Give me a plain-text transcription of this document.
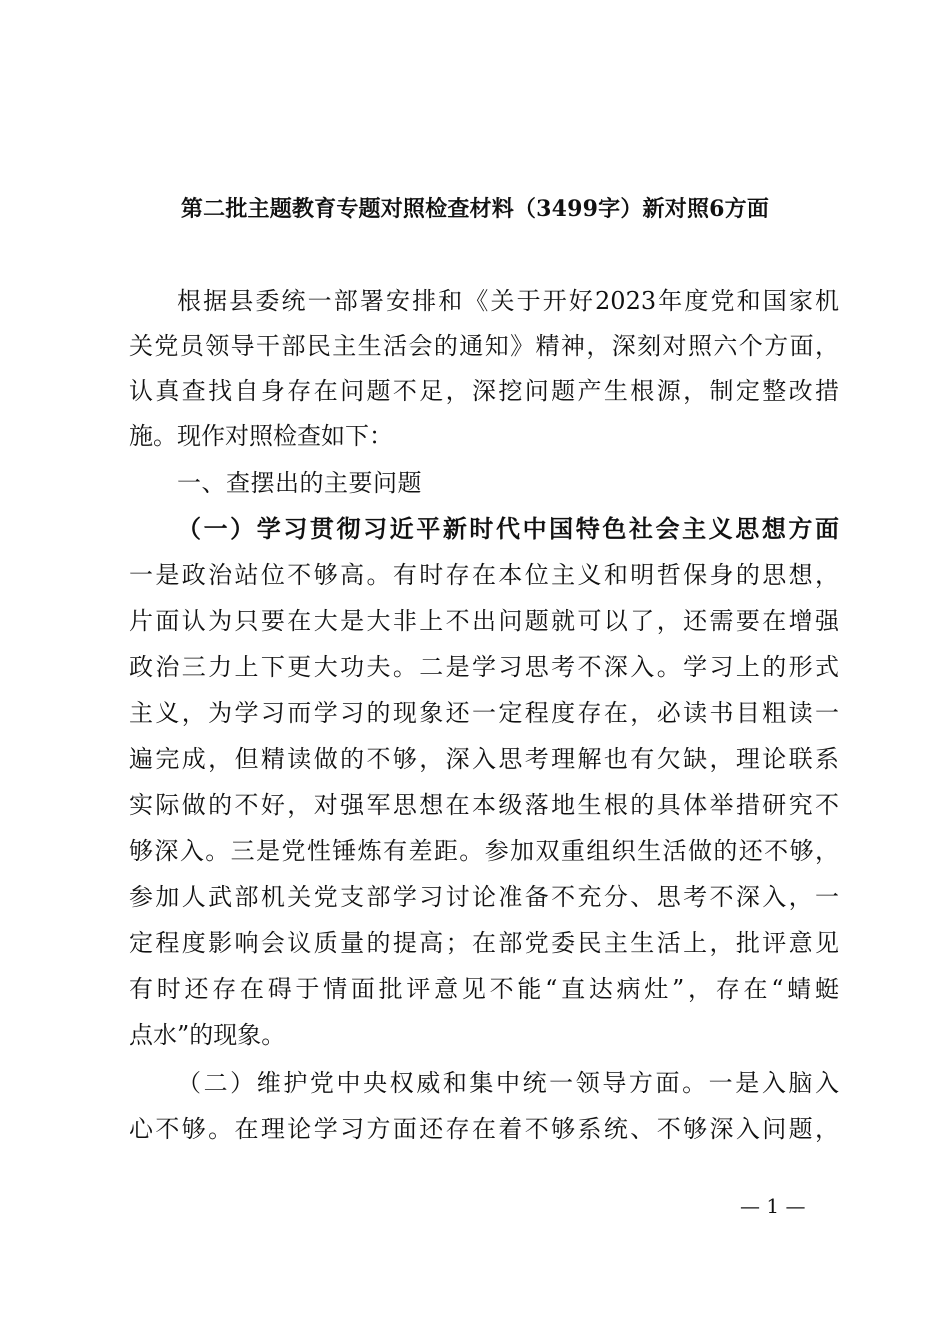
第二批主题教育专题对照检查材料（3499字）新对照6方面
根据县委统一部署安排和《关于开好2023年度党和国家机
关党员领导干部民主生活会的通知》精神，深刻对照六个方面，
认真查找自身存在问题不足，深挖问题产生根源，制定整改措
施。现作对照检查如下：
一、查摆出的主要问题
（一）学习贯彻习近平新时代中国特色社会主义思想方面
一是政治站位不够高。有时存在本位主义和明哲保身的思想，
片面认为只要在大是大非上不出问题就可以了，还需要在增强
政治三力上下更大功夫。二是学习思考不深入。学习上的形式
主义，为学习而学习的现象还一定程度存在，必读书目粗读一
遍完成，但精读做的不够，深入思考理解也有欠缺，理论联系
实际做的不好，对强军思想在本级落地生根的具体举措研究不
够深入。三是党性锤炼有差距。参加双重组织生活做的还不够，
参加人武部机关党支部学习讨论准备不充分、思考不深入，一
定程度影响会议质量的提高；在部党委民主生活上，批评意见
有时还存在碍于情面批评意见不能“直达病灶”，存在“蜻蜓
点水”的现象。
（二）维护党中央权威和集中统一领导方面。一是入脑入
心不够。在理论学习方面还存在着不够系统、不够深入问题，
— 1 —
